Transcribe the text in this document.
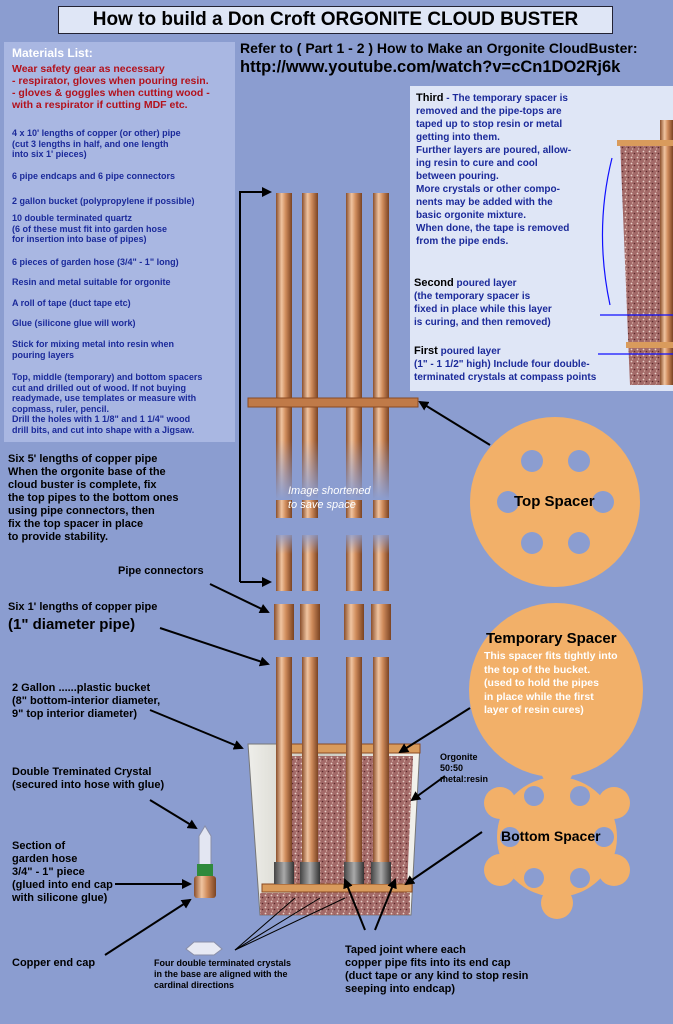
How to build a Don Croft ORGONITE CLOUD BUSTER
Materials List:
Wear safety gear as necessary
- respirator, gloves when pouring resin.
- gloves & goggles when cutting wood -
with a respirator if cutting MDF etc.
4 x 10' lengths of copper (or other) pipe
(cut 3 lengths in half, and one length
into six 1' pieces)
6 pipe endcaps and 6 pipe connectors
2 gallon bucket (polypropylene if possible)
10 double terminated quartz
(6 of these must fit into garden hose
for insertion into base of pipes)
6 pieces of garden hose (3/4" - 1" long)
Resin and metal suitable for orgonite
A roll of tape (duct tape etc)
Glue (silicone glue will work)
Stick for mixing metal into resin when
pouring layers
Top, middle (temporary) and bottom spacers
cut and drilled out of wood. If not buying
readymade, use templates or measure with
copmass, ruler, pencil.
Drill the holes with 1 1/8" and 1 1/4" wood
drill bits, and cut into shape with a Jigsaw.
Refer to ( Part 1 - 2 ) How to Make an Orgonite CloudBuster:
http://www.youtube.com/watch?v=cCn1DO2Rj6k
Third - The temporary spacer is
removed and the pipe-tops are
taped up to stop resin or metal
getting into them.
Further layers are poured, allow-
ing resin to cure and cool
between pouring.
More crystals or other compo-
nents may be added with the
basic orgonite mixture.
When done, the tape is removed
from the pipe ends.
Second poured layer
(the temporary spacer is
fixed in place while this layer
is curing, and then removed)
First poured layer
(1" - 1 1/2" high) Include four double-
terminated crystals at compass points
Six 5' lengths of copper pipe
When the orgonite base of the
cloud buster is complete, fix
the top pipes to the bottom ones
using pipe connectors, then
fix the top spacer in place
to provide stability.
Image shortened
to save space
Pipe connectors
Six 1' lengths of copper pipe
(1" diameter pipe)
2 Gallon ......plastic bucket
(8" bottom-interior diameter,
9" top interior diameter)
Double Treminated Crystal
(secured into hose with glue)
Section of
garden hose
3/4" - 1" piece
(glued into end cap
with silicone glue)
Copper end cap	Four double terminated crystals
in the base are aligned with the
cardinal directions
Taped joint where each
copper pipe fits into its end cap
(duct tape or any kind to stop resin
seeping into endcap)
Orgonite
50:50
metal:resin
Top Spacer
Temporary Spacer
This spacer fits tightly into
the top of the bucket.
(used to hold the pipes
in place while the first
layer of resin cures)
Bottom Spacer
